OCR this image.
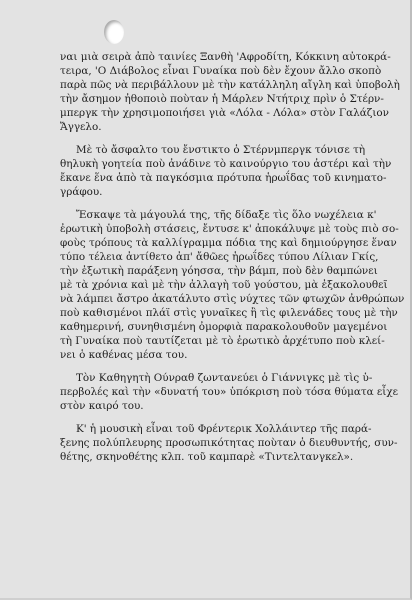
ναι μιὰ σειρὰ ἀπὸ ταινίες Ξανθὴ 'Αφροδίτη, Κόκκινη αὐτοκρά-
τειρα, 'Ο Διάβολος εἶναι Γυναίκα ποὺ δὲν ἔχουν ἄλλο σκοπὸ
παρὰ πῶς νὰ περιβάλλουν μὲ τὴν κατάλληλη αἴγλη καὶ ὑποβολὴ
τὴν ἄσημον ἠθοποιὸ ποὺταν ἡ Μάρλεν Ντήτριχ πρὶν ὁ Στέρν-
μπεργκ τὴν χρησιμοποιήσει γιὰ «Λόλα - Λόλα» στὸν Γαλάζιον
Ἄγγελο.

Μὲ τὸ ἄσφαλτο του ἔνστικτο ὁ Στέρνμπεργκ τόνισε τὴ
θηλυκὴ γοητεία ποὺ ἀνάδινε τὸ καινούργιο του ἀστέρι καὶ τὴν
ἔκανε ἕνα ἀπὸ τὰ παγκόσμια πρότυπα ἡρωΐδας τοῦ κινηματο-
γράφου.

Ἔσκαψε τὰ μάγουλά της, τῆς δίδαξε τὶς ὅλο νωχέλεια κ'
ἐρωτικὴ ὑποβολὴ στάσεις, ἔντυσε κ' ἀποκάλυψε μὲ τοὺς πιὸ σο-
φοὺς τρόπους τὰ καλλίγραμμα πόδια της καὶ δημιούργησε ἕναν
τύπο τέλεια ἀντίθετο ἀπ' ἄθῶες ἡρωΐδες τύπου Λίλιαν Γκίς,
τὴν ἐξωτικὴ παράξενη γόησσα, τὴν βάμπ, ποὺ δὲν θαμπώνει
μὲ τὰ χρόνια καὶ μὲ τὴν ἀλλαγὴ τοῦ γούστου, μὰ ἐξακολουθεῖ
νὰ λάμπει ἄστρο ἀκατάλυτο στὶς νύχτες τῶν φτωχῶν ἀνθρώπων
ποὺ καθισμένοι πλάϊ στὶς γυναῖκες ἢ τὶς φιλενάδες τους μὲ τὴν
καθημερινή, συνηθισμένη ὀμορφιὰ παρακολουθοῦν μαγεμένοι
τὴ Γυναίκα ποὺ ταυτίζεται μὲ τὸ ἐρωτικὸ ἀρχέτυπο ποὺ κλεί-
νει ὁ καθένας μέσα του.

Τὸν Καθηγητὴ Ούνραθ ζωντανεύει ὁ Γιάννιγκς μὲ τὶς ὑ-
περβολές καὶ τὴν «δυνατή του» ὑπόκριση ποὺ τόσα θύματα εἶχε
στὸν καιρό του.

Κ' ἡ μουσικὴ εἶναι τοῦ Φρέντερικ Χολλάιντερ τῆς παρά-
ξενης πολύπλευρης προσωπικότητας ποὺταν ὁ διευθυντής, συν-
θέτης, σκηνοθέτης κλπ. τοῦ καμπαρὲ «Τιντελτανγκελ».
